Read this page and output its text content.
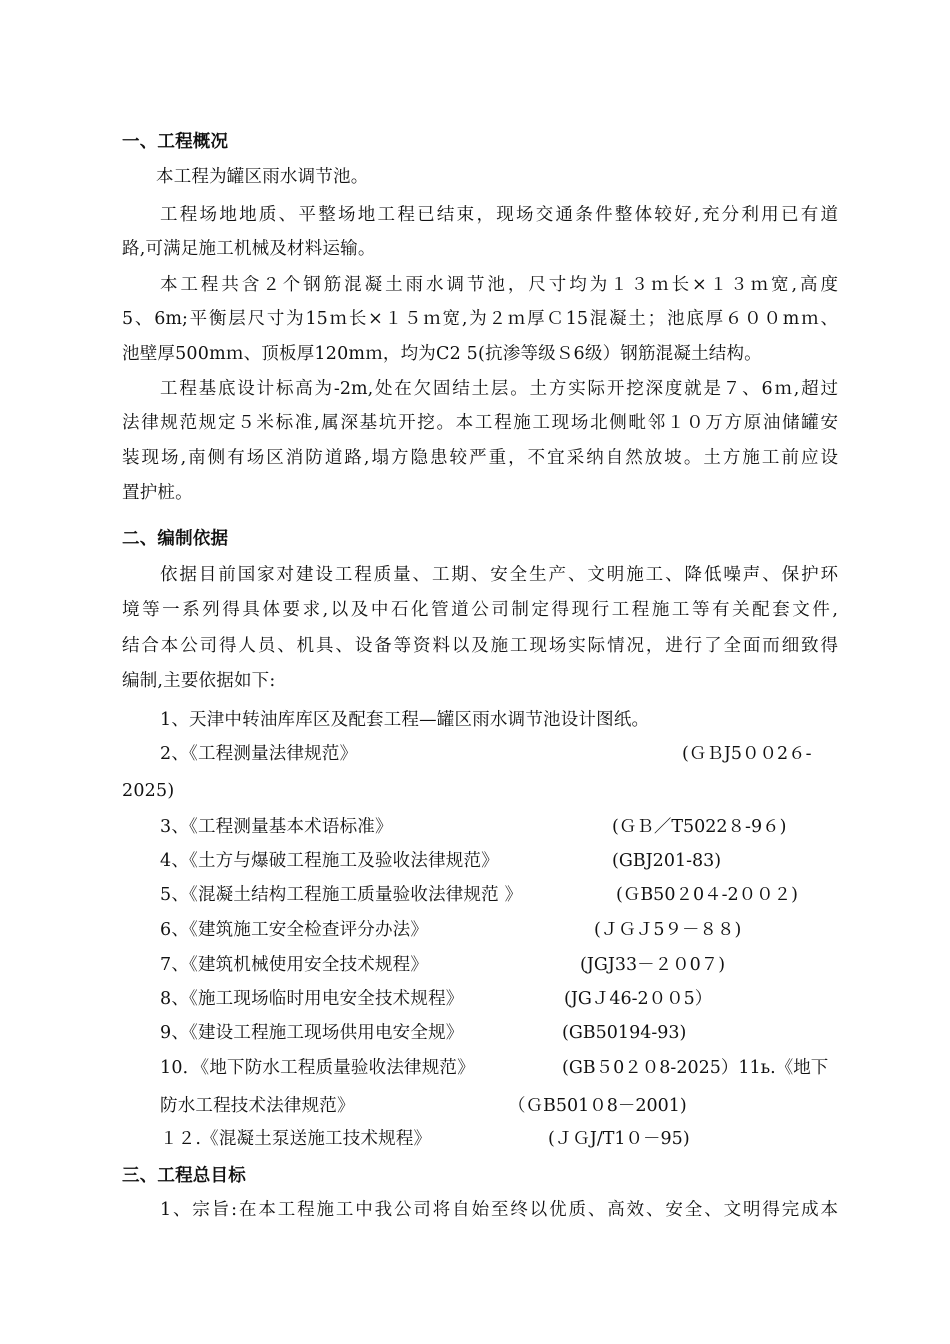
一、工程概况
本工程为罐区雨水调节池。
工程场地地质、平整场地工程已结束，现场交通条件整体较好,充分利用已有道
路,可满足施工机械及材料运输。
本工程共含２个钢筋混凝土雨水调节池，尺寸均为１３ｍ长×１３ｍ宽,高度
5、6m;平衡层尺寸为15ｍ长×１５ｍ宽,为２ｍ厚Ｃ15混凝土；池底厚６００mｍ、
池壁厚500mｍ、顶板厚120mｍ，均为C2 5(抗渗等级Ｓ6级）钢筋混凝土结构。
工程基底设计标高为-2m,处在欠固结土层。土方实际开挖深度就是７、6ｍ,超过
法律规范规定５米标准,属深基坑开挖。本工程施工现场北侧毗邻１０万方原油储罐安
装现场,南侧有场区消防道路,塌方隐患较严重，不宜采纳自然放坡。土方施工前应设
置护桩。
二、编制依据
依据目前国家对建设工程质量、工期、安全生产、文明施工、降低噪声、保护环
境等一系列得具体要求,以及中石化管道公司制定得现行工程施工等有关配套文件,
结合本公司得人员、机具、设备等资料以及施工现场实际情况，进行了全面而细致得
编制,主要依据如下:
1、天津中转油库库区及配套工程—罐区雨水调节池设计图纸。
2、《工程测量法律规范》	(ＧＢJ5００2６-
2025)
3、《工程测量基本术语标准》	(ＧＢ／T5022８-9６)
4、《土方与爆破工程施工及验收法律规范》	(GBJ201-83)
5、《混凝土结构工程施工质量验收法律规范 》	(ＧB50２0４-2００２)
6、《建筑施工安全检查评分办法》	(ＪＧＪ5９－８８)
7、《建筑机械使用安全技术规程》	(JGJ33－２０0７)
8、《施工现场临时用电安全技术规程》	(JGＪ46-2００5）
9、《建设工程施工现场供用电安全规》	(GB50194-93)
10．《地下防水工程质量验收法律规范》	(GB５0２０8-2025）11ь.《地下
防水工程技术法律规范》	（ＧB501０8－2001)
１２.《混凝土泵送施工技术规程》	(ＪＧJ/T1０－95)
三、工程总目标
1、宗旨:在本工程施工中我公司将自始至终以优质、高效、安全、文明得完成本
